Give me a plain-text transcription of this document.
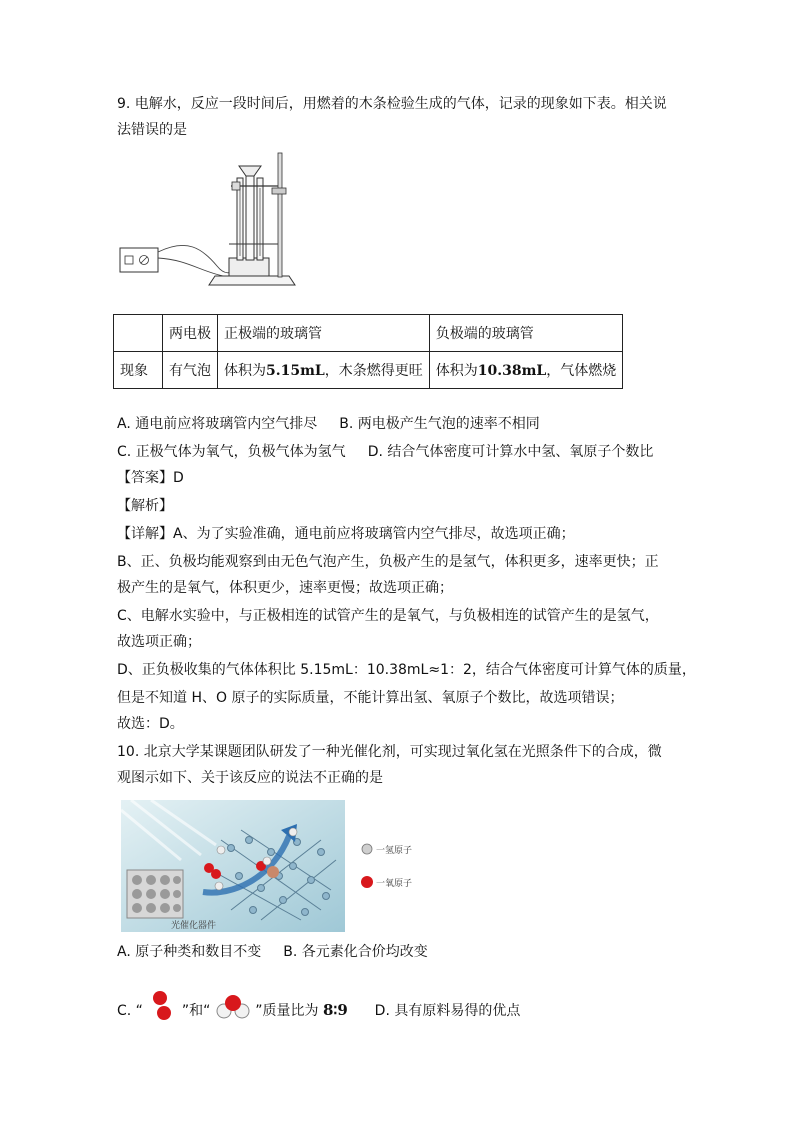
9. 电解水，反应一段时间后，用燃着的木条检验生成的气体，记录的现象如下表。相关说
法错误的是
	两电极	正极端的玻璃管	负极端的玻璃管
现象	有气泡	体积为5.15mL，木条燃得更旺	体积为10.38mL，气体燃烧
A. 通电前应将玻璃管内空气排尽 B. 两电极产生气泡的速率不相同
C. 正极气体为氧气，负极气体为氢气 D. 结合气体密度可计算水中氢、氧原子个数比
【答案】D
【解析】
【详解】A、为了实验准确，通电前应将玻璃管内空气排尽，故选项正确；
B、正、负极均能观察到由无色气泡产生，负极产生的是氢气，体积更多，速率更快；正
极产生的是氧气，体积更少，速率更慢；故选项正确；
C、电解水实验中，与正极相连的试管产生的是氧气，与负极相连的试管产生的是氢气，
故选项正确；
D、正负极收集的气体体积比 5.15mL：10.38mL≈1：2，结合气体密度可计算气体的质量，
但是不知道 H、O 原子的实际质量，不能计算出氢、氧原子个数比，故选项错误；
故选：D。
10. 北京大学某课题团队研发了一种光催化剂，可实现过氧化氢在光照条件下的合成，微
观图示如下、关于该反应的说法不正确的是
光催化器件
一氢原子
一氧原子
A. 原子种类和数目不变 B. 各元素化合价均改变
C. “	”和“	”质量比为 8∶9 D. 具有原料易得的优点
